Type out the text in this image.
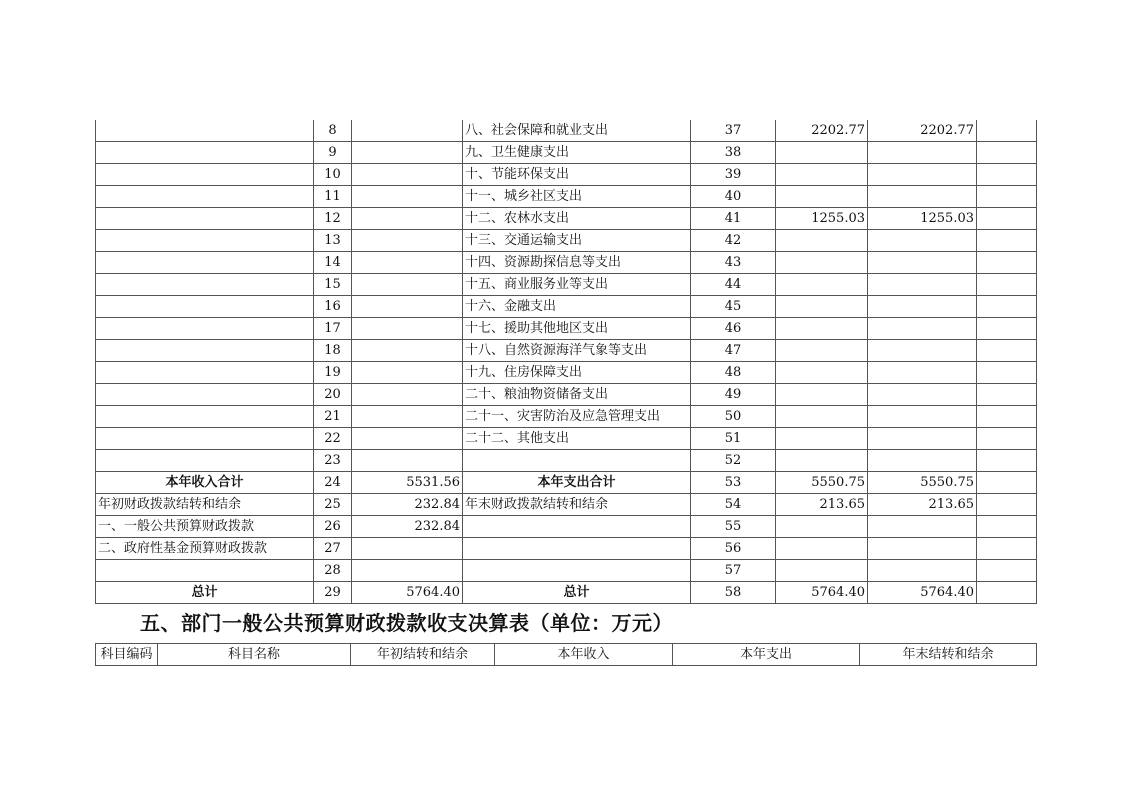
	8		八、社会保障和就业支出	37	2202.77	2202.77	
	9		九、卫生健康支出	38			
	10		十、节能环保支出	39			
	11		十一、城乡社区支出	40			
	12		十二、农林水支出	41	1255.03	1255.03	
	13		十三、交通运输支出	42			
	14		十四、资源勘探信息等支出	43			
	15		十五、商业服务业等支出	44			
	16		十六、金融支出	45			
	17		十七、援助其他地区支出	46			
	18		十八、自然资源海洋气象等支出	47			
	19		十九、住房保障支出	48			
	20		二十、粮油物资储备支出	49			
	21		二十一、灾害防治及应急管理支出	50			
	22		二十二、其他支出	51			
	23			52			
本年收入合计	24	5531.56	本年支出合计	53	5550.75	5550.75	
年初财政拨款结转和结余	25	232.84	年末财政拨款结转和结余	54	213.65	213.65	
一、一般公共预算财政拨款	26	232.84		55			
二、政府性基金预算财政拨款	27			56			
	28			57			
总计	29	5764.40	总计	58	5764.40	5764.40	
五、部门一般公共预算财政拨款收支决算表（单位：万元）
科目编码	科目名称	年初结转和结余	本年收入	本年支出	年末结转和结余
